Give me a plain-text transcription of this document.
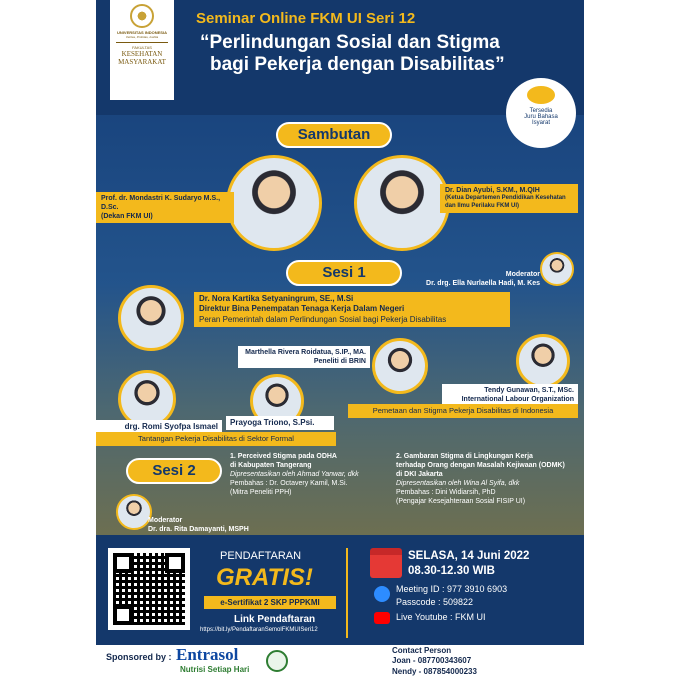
UNIVERSITAS INDONESIA
Veritas, Probitas, Iustitia
FAKULTAS
KESEHATAN
MASYARAKAT
Seminar Online FKM UI Seri 12
“Perlindungan Sosial dan Stigma
bagi Pekerja dengan Disabilitas”
Tersedia
Juru Bahasa
Isyarat
Sambutan
Prof. dr. Mondastri K. Sudaryo M.S., D.Sc.
(Dekan FKM UI)
Dr. Dian Ayubi, S.KM., M.QIH
(Ketua Departemen Pendidikan Kesehatan dan Ilmu Perilaku FKM UI)
Sesi 1	Moderator
Dr. drg. Ella Nurlaella Hadi, M. Kes
Dr. Nora Kartika Setyaningrum, SE., M.Si
Direktur Bina Penempatan Tenaga Kerja Dalam Negeri
Peran Pemerintah dalam Perlindungan Sosial bagi Pekerja Disabilitas
Marthella Rivera Roidatua, S.IP., MA.
Peneliti di BRIN
Tendy Gunawan, S.T., MSc.
International Labour Organization
Pemetaan dan Stigma Pekerja Disabilitas di Indonesia
drg. Romi Syofpa Ismael	Prayoga Triono, S.Psi.
Tantangan Pekerja Disabilitas di Sektor Formal
Sesi 2
1. Perceived Stigma pada ODHA
di Kabupaten Tangerang
Dipresentasikan oleh Ahmad Yanwar, dkk
Pembahas : Dr. Octavery Kamil, M.Si.
(Mitra Peneliti PPH)
2. Gambaran Stigma di Lingkungan Kerja
terhadap Orang dengan Masalah Kejiwaan (ODMK)
di DKI Jakarta
Dipresentasikan oleh Wina Al Syifa, dkk
Pembahas : Dini Widiarsih, PhD
(Pengajar Kesejahteraan Sosial FISIP UI)
Moderator
Dr. dra. Rita Damayanti, MSPH
PENDAFTARAN
GRATIS!
e-Sertifikat 2 SKP PPPKMI
Link Pendaftaran
https://bit.ly/PendaftaranSemolFKMUISeri12
SELASA, 14 Juni 2022
08.30-12.30 WIB
Meeting ID : 977 3910 6903
Passcode : 509822
Live Youtube : FKM UI
Sponsored by : Entrasol
Nutrisi Setiap Hari
Contact Person
Joan - 087700343607
Nendy - 087854000233
